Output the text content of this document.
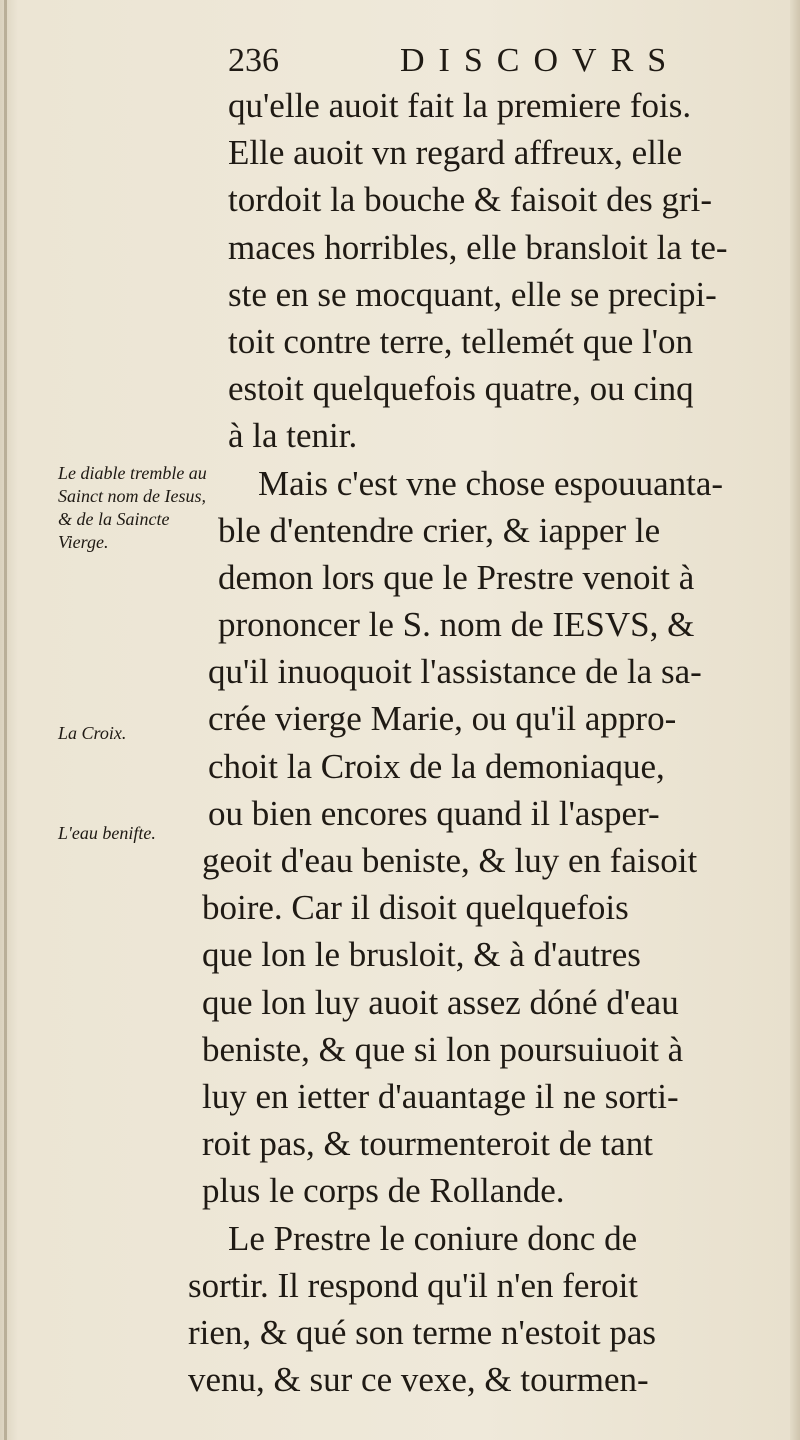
236	DISCOVRS
Le diable tremble au Sainct nom de Iesus, & de la Saincte Vierge.
La Croix.
L'eau benifte.
qu'elle auoit fait la premiere fois.
Elle auoit vn regard affreux, elle
tordoit la bouche & faisoit des gri-
maces horribles, elle bransloit la te-
ste en se mocquant, elle se precipi-
toit contre terre, tellemét que l'on
estoit quelquefois quatre, ou cinq
à la tenir.
Mais c'est vne chose espouuanta-
ble d'entendre crier, & iapper le
demon lors que le Prestre venoit à
prononcer le S. nom de IESVS, &
qu'il inuoquoit l'assistance de la sa-
crée vierge Marie, ou qu'il appro-
choit la Croix de la demoniaque,
ou bien encores quand il l'asper-
geoit d'eau beniste, & luy en faisoit
boire. Car il disoit quelquefois
que lon le brusloit, & à d'autres
que lon luy auoit assez dóné d'eau
beniste, & que si lon poursuiuoit à
luy en ietter d'auantage il ne sorti-
roit pas, & tourmenteroit de tant
plus le corps de Rollande.
Le Prestre le coniure donc de
sortir. Il respond qu'il n'en feroit
rien, & qué son terme n'estoit pas
venu, & sur ce vexe, & tourmen-
